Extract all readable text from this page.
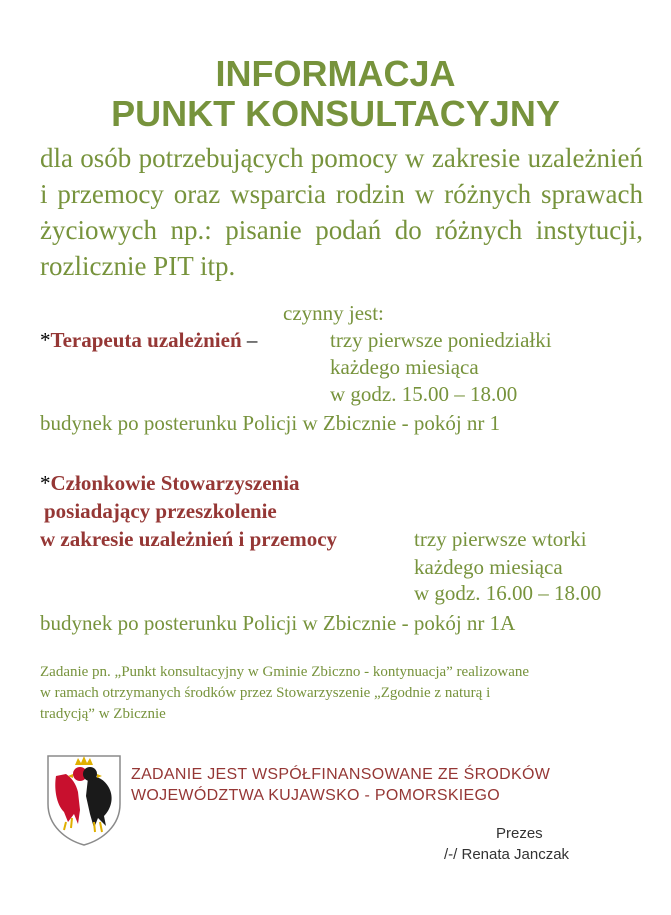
INFORMACJA
PUNKT KONSULTACYJNY
dla osób potrzebujących pomocy w zakresie uzależnień i przemocy oraz wsparcia rodzin w różnych sprawach życiowych np.: pisanie podań do różnych instytucji, rozlicznie PIT itp.
czynny jest:
*Terapeuta uzależnień –	trzy pierwsze poniedziałki
każdego miesiąca
w godz. 15.00 – 18.00
budynek po posterunku Policji w Zbicznie - pokój nr 1
*Członkowie Stowarzyszenia
posiadający przeszkolenie
w zakresie uzależnień i przemocy	trzy pierwsze wtorki
każdego miesiąca
w godz. 16.00 – 18.00
budynek po posterunku Policji w Zbicznie - pokój nr 1A
Zadanie pn. „Punkt konsultacyjny w Gminie Zbiczno - kontynuacja” realizowane
w ramach otrzymanych środków przez Stowarzyszenie „Zgodnie z naturą i
tradycją” w Zbicznie
ZADANIE JEST WSPÓŁFINANSOWANE ZE ŚRODKÓW
WOJEWÓDZTWA KUJAWSKO - POMORSKIEGO
Prezes
/-/ Renata Janczak
